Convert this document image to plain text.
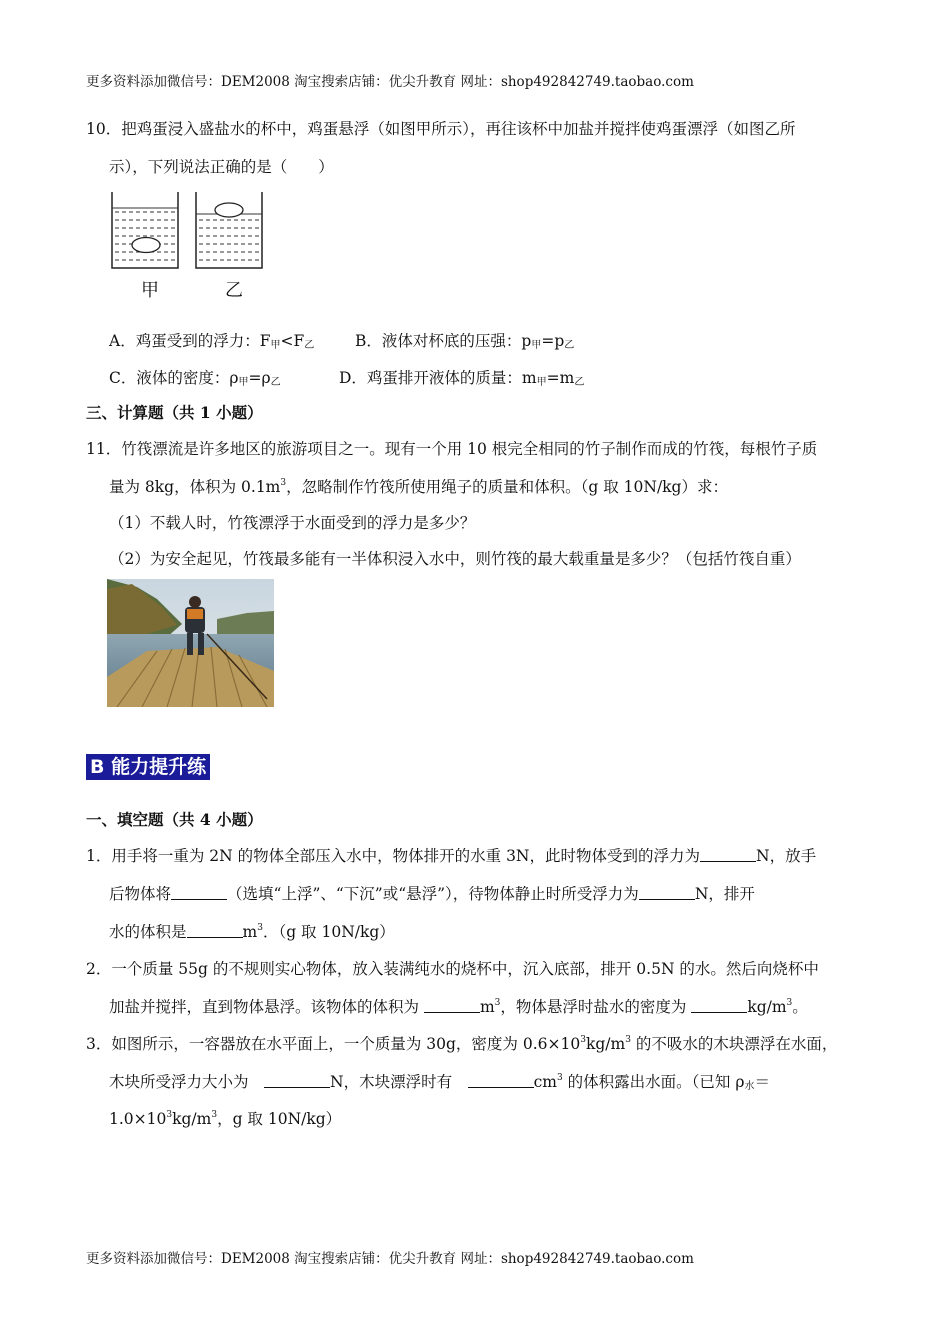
更多资料添加微信号：DEM2008 淘宝搜索店铺：优尖升教育 网址：shop492842749.taobao.com
10．把鸡蛋浸入盛盐水的杯中，鸡蛋悬浮（如图甲所示），再往该杯中加盐并搅拌使鸡蛋漂浮（如图乙所
示），下列说法正确的是（　　）
甲	乙
A．鸡蛋受到的浮力：$F_甲<F_乙$	B．液体对杯底的压强：$p_甲=p_乙$
C．液体的密度：$\rho_甲=\rho_乙$	D．鸡蛋排开液体的质量：$m_甲=m_乙$
三、计算题（共 1 小题）
11．竹筏漂流是许多地区的旅游项目之一。现有一个用 10 根完全相同的竹子制作而成的竹筏，每根竹子质
量为 8kg，体积为 $0.1m^3$，忽略制作竹筏所使用绳子的质量和体积。（g 取 10N/kg）求：
（1）不载人时，竹筏漂浮于水面受到的浮力是多少？
（2）为安全起见，竹筏最多能有一半体积浸入水中，则竹筏的最大载重量是多少？（包括竹筏自重）
B 能力提升练
一、填空题（共 4 小题）
1．用手将一重为 2N 的物体全部压入水中，物体排开的水重 3N，此时物体受到的浮力为	N，放手
后物体将	（选填“上浮”、“下沉”或“悬浮”），待物体静止时所受浮力为	N，排开
水的体积是	$m^3$．（g 取 10N/kg）
2．一个质量 55g 的不规则实心物体，放入装满纯水的烧杯中，沉入底部，排开 0.5N 的水。然后向烧杯中
加盐并搅拌，直到物体悬浮。该物体的体积为	$m^3$，物体悬浮时盐水的密度为	$kg/m^3$。
3．如图所示，一容器放在水平面上，一个质量为 30g，密度为 $0.6\times 10^3kg/m^3$ 的不吸水的木块漂浮在水面，
木块所受浮力大小为　	N，木块漂浮时有　	$cm^3$ 的体积露出水面。（已知 $\rho_水=$
$1.0\times 10^3kg/m^3$，g 取 10N/kg）
更多资料添加微信号：DEM2008 淘宝搜索店铺：优尖升教育 网址：shop492842749.taobao.com
